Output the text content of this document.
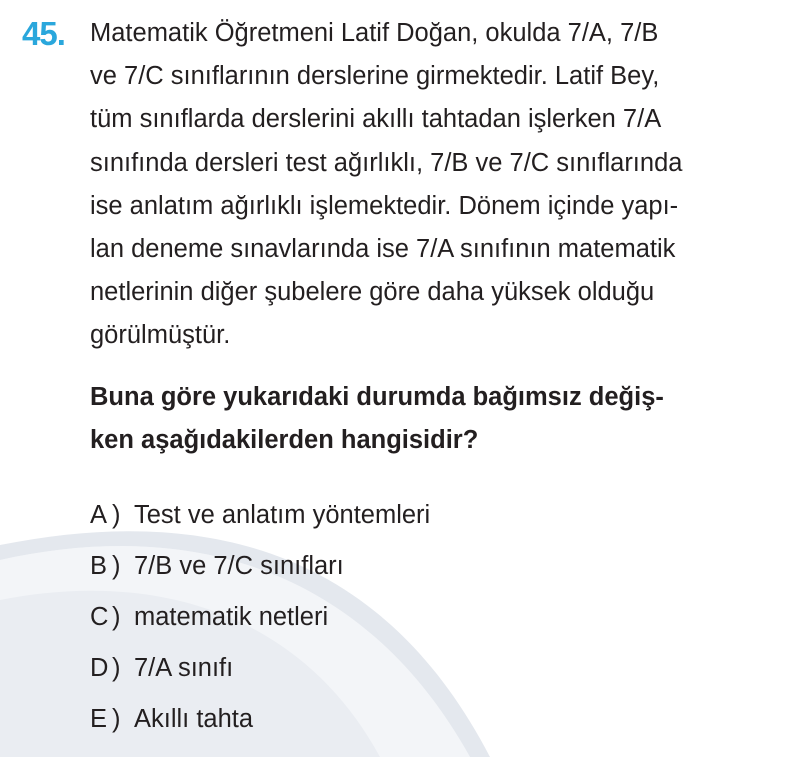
45. Matematik Öğretmeni Latif Doğan, okulda 7/A, 7/B

ve 7/C sınıflarının derslerine girmektedir. Latif Bey,

tüm sınıflarda derslerini akıllı tahtadan işlerken 7/A

sınıfında dersleri test ağırlıklı, 7/B ve 7/C sınıflarında

ise anlatım ağırlıklı işlemektedir. Dönem içinde yapı-

lan deneme sınavlarında ise 7/A sınıfının matematik

netlerinin diğer şubelere göre daha yüksek olduğu

görülmüştür.

Buna göre yukarıdaki durumda bağımsız değiş-
ken aşağıdakilerden hangisidir?
A ) Test ve anlatım yöntemleri
B ) 7/B ve 7/C sınıfları
C ) matematik netleri
D ) 7/A sınıfı
E ) Akıllı tahta
